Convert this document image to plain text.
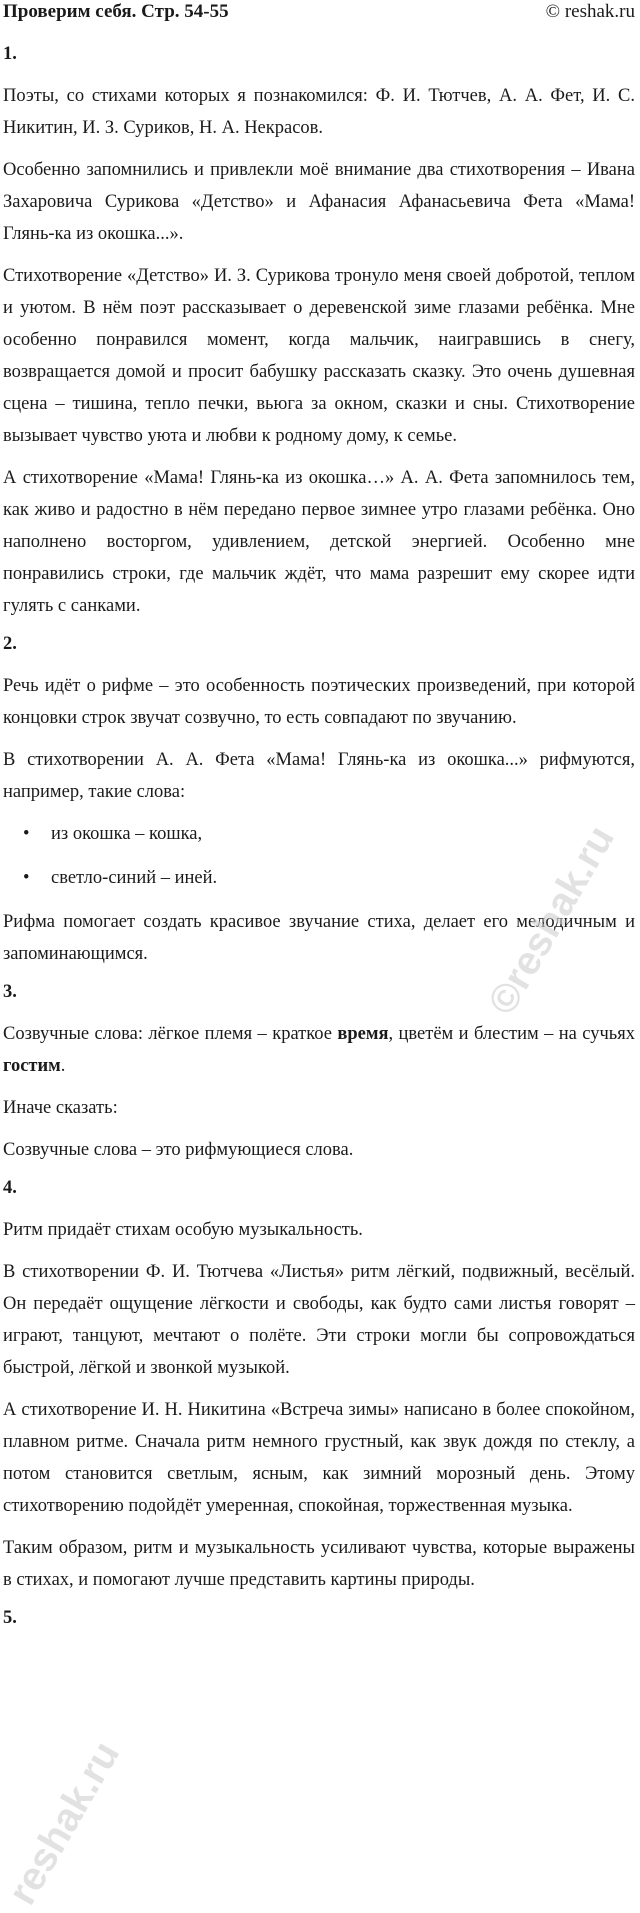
Проверим себя. Стр. 54-55	© reshak.ru

1.

Поэты, со стихами которых я познакомился: Ф. И. Тютчев, А. А. Фет, И. С. Никитин, И. З. Суриков, Н. А. Некрасов.

Особенно запомнились и привлекли моё внимание два стихотворения – Ивана Захаровича Сурикова «Детство» и Афанасия Афанасьевича Фета «Мама! Глянь-ка из окошка...».

Стихотворение «Детство» И. З. Сурикова тронуло меня своей добротой, теплом и уютом. В нём поэт рассказывает о деревенской зиме глазами ребёнка. Мне особенно понравился момент, когда мальчик, наигравшись в снегу, возвращается домой и просит бабушку рассказать сказку. Это очень душевная сцена – тишина, тепло печки, вьюга за окном, сказки и сны. Стихотворение вызывает чувство уюта и любви к родному дому, к семье.

А стихотворение «Мама! Глянь-ка из окошка…» А. А. Фета запомнилось тем, как живо и радостно в нём передано первое зимнее утро глазами ребёнка. Оно наполнено восторгом, удивлением, детской энергией. Особенно мне понравились строки, где мальчик ждёт, что мама разрешит ему скорее идти гулять с санками.

2.

Речь идёт о рифме – это особенность поэтических произведений, при которой концовки строк звучат созвучно, то есть совпадают по звучанию.

В стихотворении А. А. Фета «Мама! Глянь-ка из окошка...» рифмуются, например, такие слова:

• из окошка – кошка,
• светло-синий – иней.

Рифма помогает создать красивое звучание стиха, делает его мелодичным и запоминающимся.

3.

Созвучные слова: лёгкое племя – краткое время, цветём и блестим – на сучьях гостим.

Иначе сказать:

Созвучные слова – это рифмующиеся слова.

4.

Ритм придаёт стихам особую музыкальность.

В стихотворении Ф. И. Тютчева «Листья» ритм лёгкий, подвижный, весёлый. Он передаёт ощущение лёгкости и свободы, как будто сами листья говорят – играют, танцуют, мечтают о полёте. Эти строки могли бы сопровождаться быстрой, лёгкой и звонкой музыкой.

А стихотворение И. Н. Никитина «Встреча зимы» написано в более спокойном, плавном ритме. Сначала ритм немного грустный, как звук дождя по стеклу, а потом становится светлым, ясным, как зимний морозный день. Этому стихотворению подойдёт умеренная, спокойная, торжественная музыка.

Таким образом, ритм и музыкальность усиливают чувства, которые выражены в стихах, и помогают лучше представить картины природы.

5.

©reshak.ru
reshak.ru
